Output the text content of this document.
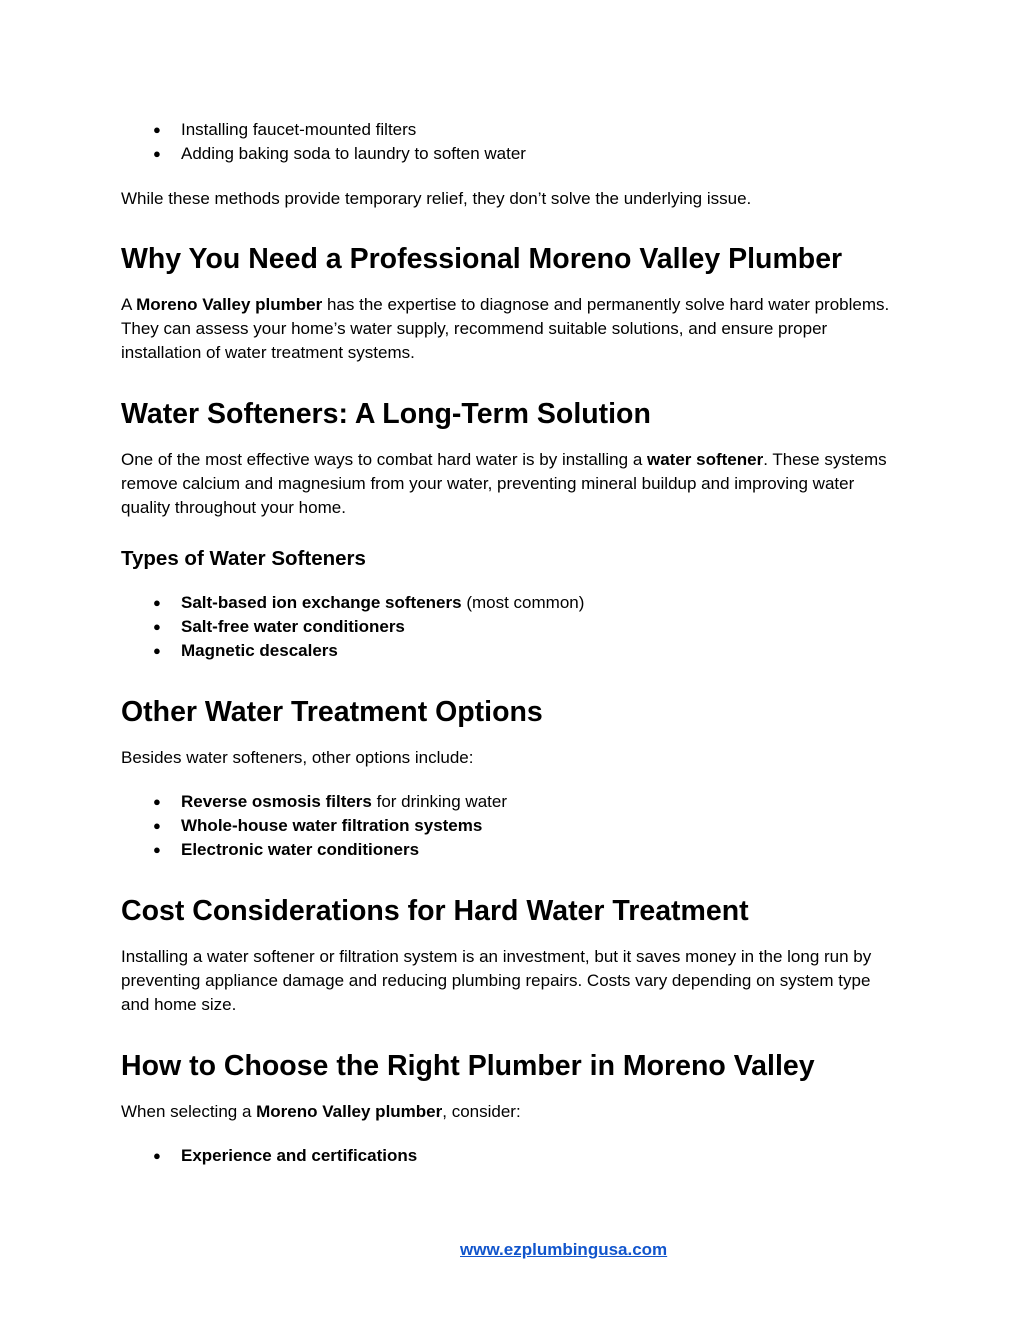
● Installing faucet-mounted filters
● Adding baking soda to laundry to soften water

While these methods provide temporary relief, they don’t solve the underlying issue.

Why You Need a Professional Moreno Valley Plumber

A Moreno Valley plumber has the expertise to diagnose and permanently solve hard water problems. They can assess your home’s water supply, recommend suitable solutions, and ensure proper installation of water treatment systems.

Water Softeners: A Long-Term Solution

One of the most effective ways to combat hard water is by installing a water softener. These systems remove calcium and magnesium from your water, preventing mineral buildup and improving water quality throughout your home.

Types of Water Softeners
● Salt-based ion exchange softeners (most common)
● Salt-free water conditioners
● Magnetic descalers
Other Water Treatment Options

Besides water softeners, other options include:

● Reverse osmosis filters for drinking water
● Whole-house water filtration systems
● Electronic water conditioners
Cost Considerations for Hard Water Treatment

Installing a water softener or filtration system is an investment, but it saves money in the long run by preventing appliance damage and reducing plumbing repairs. Costs vary depending on system type and home size.

How to Choose the Right Plumber in Moreno Valley

When selecting a Moreno Valley plumber, consider:

● Experience and certifications
www.ezplumbingusa.com
